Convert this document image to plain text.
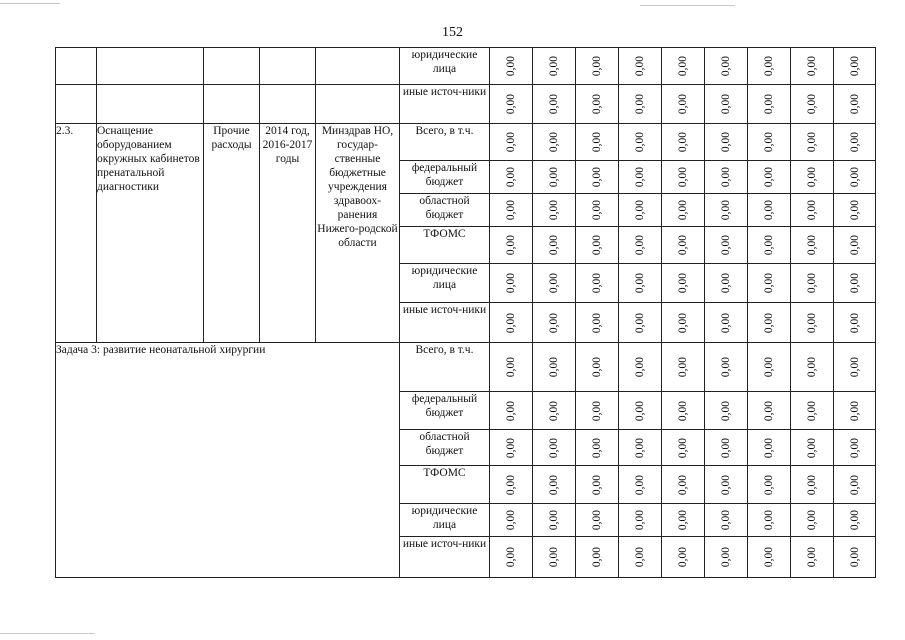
152
					юридические лица	0,00	0,00	0,00	0,00	0,00	0,00	0,00	0,00	0,00

					иные источ-ники	0,00	0,00	0,00	0,00	0,00	0,00	0,00	0,00	0,00

2.3.	Оснащение оборудованием окружных кабинетов пренатальной диагностики	Прочие расходы	2014 год, 2016-2017 годы	Минздрав НО, государ-ственные бюджетные учреждения здравоох-ранения Нижего-родской области	Всего, в т.ч.	0,00	0,00	0,00	0,00	0,00	0,00	0,00	0,00	0,00

					федеральный бюджет	0,00	0,00	0,00	0,00	0,00	0,00	0,00	0,00	0,00

					областной бюджет	0,00	0,00	0,00	0,00	0,00	0,00	0,00	0,00	0,00

					ТФОМС	0,00	0,00	0,00	0,00	0,00	0,00	0,00	0,00	0,00

					юридические лица	0,00	0,00	0,00	0,00	0,00	0,00	0,00	0,00	0,00

					иные источ-ники	0,00	0,00	0,00	0,00	0,00	0,00	0,00	0,00	0,00

Задача 3: развитие неонатальной хирургии					Всего, в т.ч.	0,00	0,00	0,00	0,00	0,00	0,00	0,00	0,00	0,00

					федеральный бюджет	0,00	0,00	0,00	0,00	0,00	0,00	0,00	0,00	0,00

					областной бюджет	0,00	0,00	0,00	0,00	0,00	0,00	0,00	0,00	0,00

					ТФОМС	0,00	0,00	0,00	0,00	0,00	0,00	0,00	0,00	0,00

					юридические лица	0,00	0,00	0,00	0,00	0,00	0,00	0,00	0,00	0,00

					иные источ-ники	0,00	0,00	0,00	0,00	0,00	0,00	0,00	0,00	0,00
